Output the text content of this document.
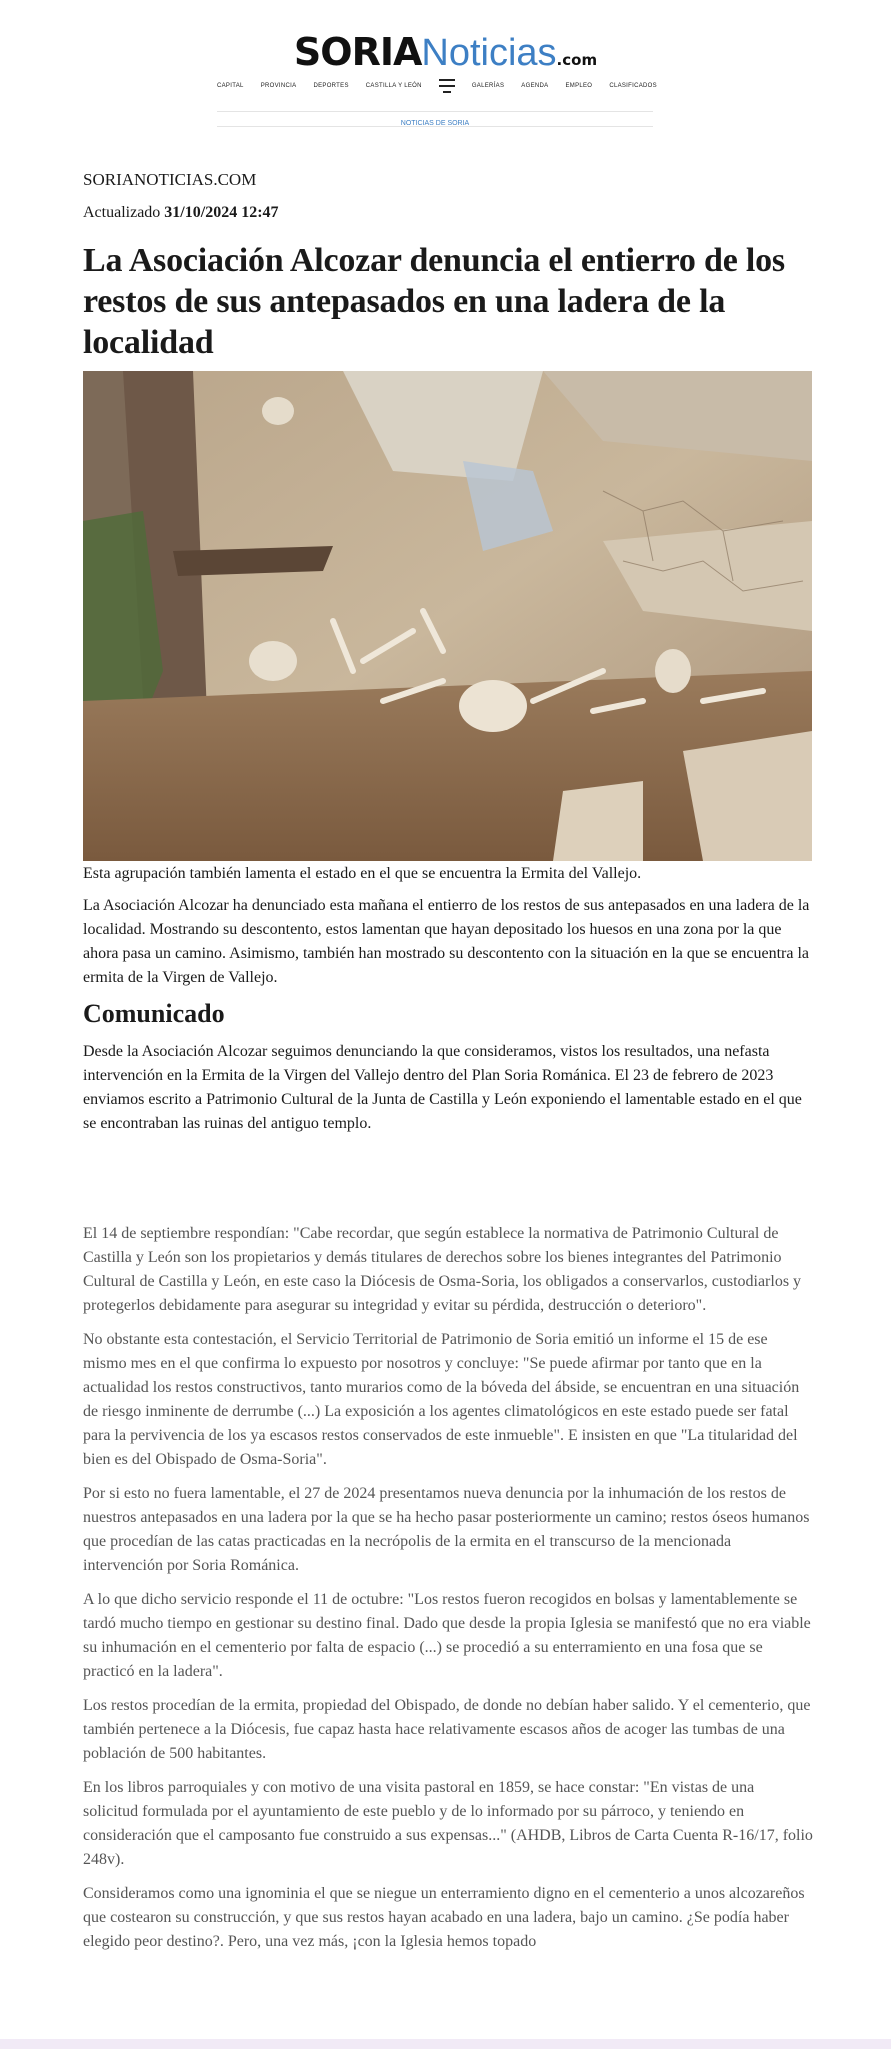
SORIANoticias.com
CAPITAL	PROVINCIA	DEPORTES	CASTILLA Y LEÓN	GALERÍAS	AGENDA	EMPLEO	CLASIFICADOS
NOTICIAS DE SORIA

SORIANOTICIAS.COM

Actualizado 31/10/2024 12:47

La Asociación Alcozar denuncia el entierro de los restos de sus antepasados en una ladera de la localidad

Esta agrupación también lamenta el estado en el que se encuentra la Ermita del Vallejo.

La Asociación Alcozar ha denunciado esta mañana el entierro de los restos de sus antepasados en una ladera de la localidad. Mostrando su descontento, estos lamentan que hayan depositado los huesos en una zona por la que ahora pasa un camino. Asimismo, también han mostrado su descontento con la situación en la que se encuentra la ermita de la Virgen de Vallejo.

Comunicado

Desde la Asociación Alcozar seguimos denunciando la que consideramos, vistos los resultados, una nefasta intervención en la Ermita de la Virgen del Vallejo dentro del Plan Soria Románica. El 23 de febrero de 2023 enviamos escrito a Patrimonio Cultural de la Junta de Castilla y León exponiendo el lamentable estado en el que se encontraban las ruinas del antiguo templo.

El 14 de septiembre respondían: "Cabe recordar, que según establece la normativa de Patrimonio Cultural de Castilla y León son los propietarios y demás titulares de derechos sobre los bienes integrantes del Patrimonio Cultural de Castilla y León, en este caso la Diócesis de Osma-Soria, los obligados a conservarlos, custodiarlos y protegerlos debidamente para asegurar su integridad y evitar su pérdida, destrucción o deterioro".

No obstante esta contestación, el Servicio Territorial de Patrimonio de Soria emitió un informe el 15 de ese mismo mes en el que confirma lo expuesto por nosotros y concluye: "Se puede afirmar por tanto que en la actualidad los restos constructivos, tanto murarios como de la bóveda del ábside, se encuentran en una situación de riesgo inminente de derrumbe (...) La exposición a los agentes climatológicos en este estado puede ser fatal para la pervivencia de los ya escasos restos conservados de este inmueble". E insisten en que "La titularidad del bien es del Obispado de Osma-Soria".

Por si esto no fuera lamentable, el 27 de 2024 presentamos nueva denuncia por la inhumación de los restos de nuestros antepasados en una ladera por la que se ha hecho pasar posteriormente un camino; restos óseos humanos que procedían de las catas practicadas en la necrópolis de la ermita en el transcurso de la mencionada intervención por Soria Románica.

A lo que dicho servicio responde el 11 de octubre: "Los restos fueron recogidos en bolsas y lamentablemente se tardó mucho tiempo en gestionar su destino final. Dado que desde la propia Iglesia se manifestó que no era viable su inhumación en el cementerio por falta de espacio (...) se procedió a su enterramiento en una fosa que se practicó en la ladera".

Los restos procedían de la ermita, propiedad del Obispado, de donde no debían haber salido. Y el cementerio, que también pertenece a la Diócesis, fue capaz hasta hace relativamente escasos años de acoger las tumbas de una población de 500 habitantes.

En los libros parroquiales y con motivo de una visita pastoral en 1859, se hace constar: "En vistas de una solicitud formulada por el ayuntamiento de este pueblo y de lo informado por su párroco, y teniendo en consideración que el camposanto fue construido a sus expensas..." (AHDB, Libros de Carta Cuenta R-16/17, folio 248v).

Consideramos como una ignominia el que se niegue un enterramiento digno en el cementerio a unos alcozareños que costearon su construcción, y que sus restos hayan acabado en una ladera, bajo un camino. ¿Se podía haber elegido peor destino?. Pero, una vez más, ¡con la Iglesia hemos topado
